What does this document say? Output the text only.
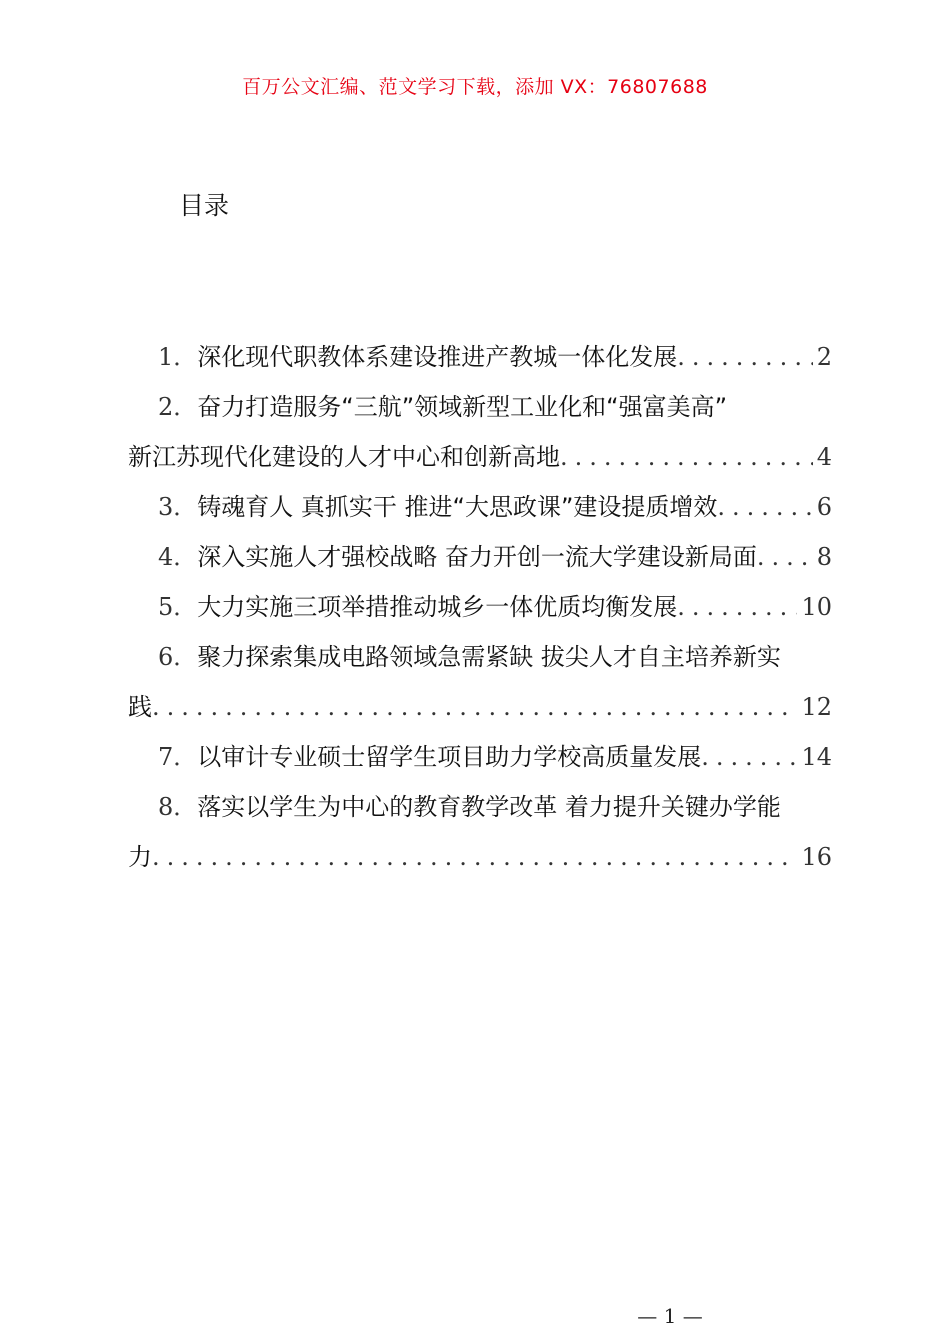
百万公文汇编、范文学习下载，添加 VX：76807688
目录
1． 深化现代职教体系建设推进产教城一体化发展 .....	2
2．奋力打造服务“三航”领域新型工业化和“强富美高”
新江苏现代化建设的人才中心和创新高地 .....	4
3． 铸魂育人 真抓实干 推进“大思政课”建设提质增效 .....	6
4． 深入实施人才强校战略 奋力开创一流大学建设新局面 ..... 8
5． 大力实施三项举措推动城乡一体优质均衡发展 .....	10
6．聚力探索集成电路领域急需紧缺 拔尖人才自主培养新实
践 .....	12
7． 以审计专业硕士留学生项目助力学校高质量发展 .....	14
8．落实以学生为中心的教育教学改革 着力提升关键办学能
力 .....	16
— 1 —
